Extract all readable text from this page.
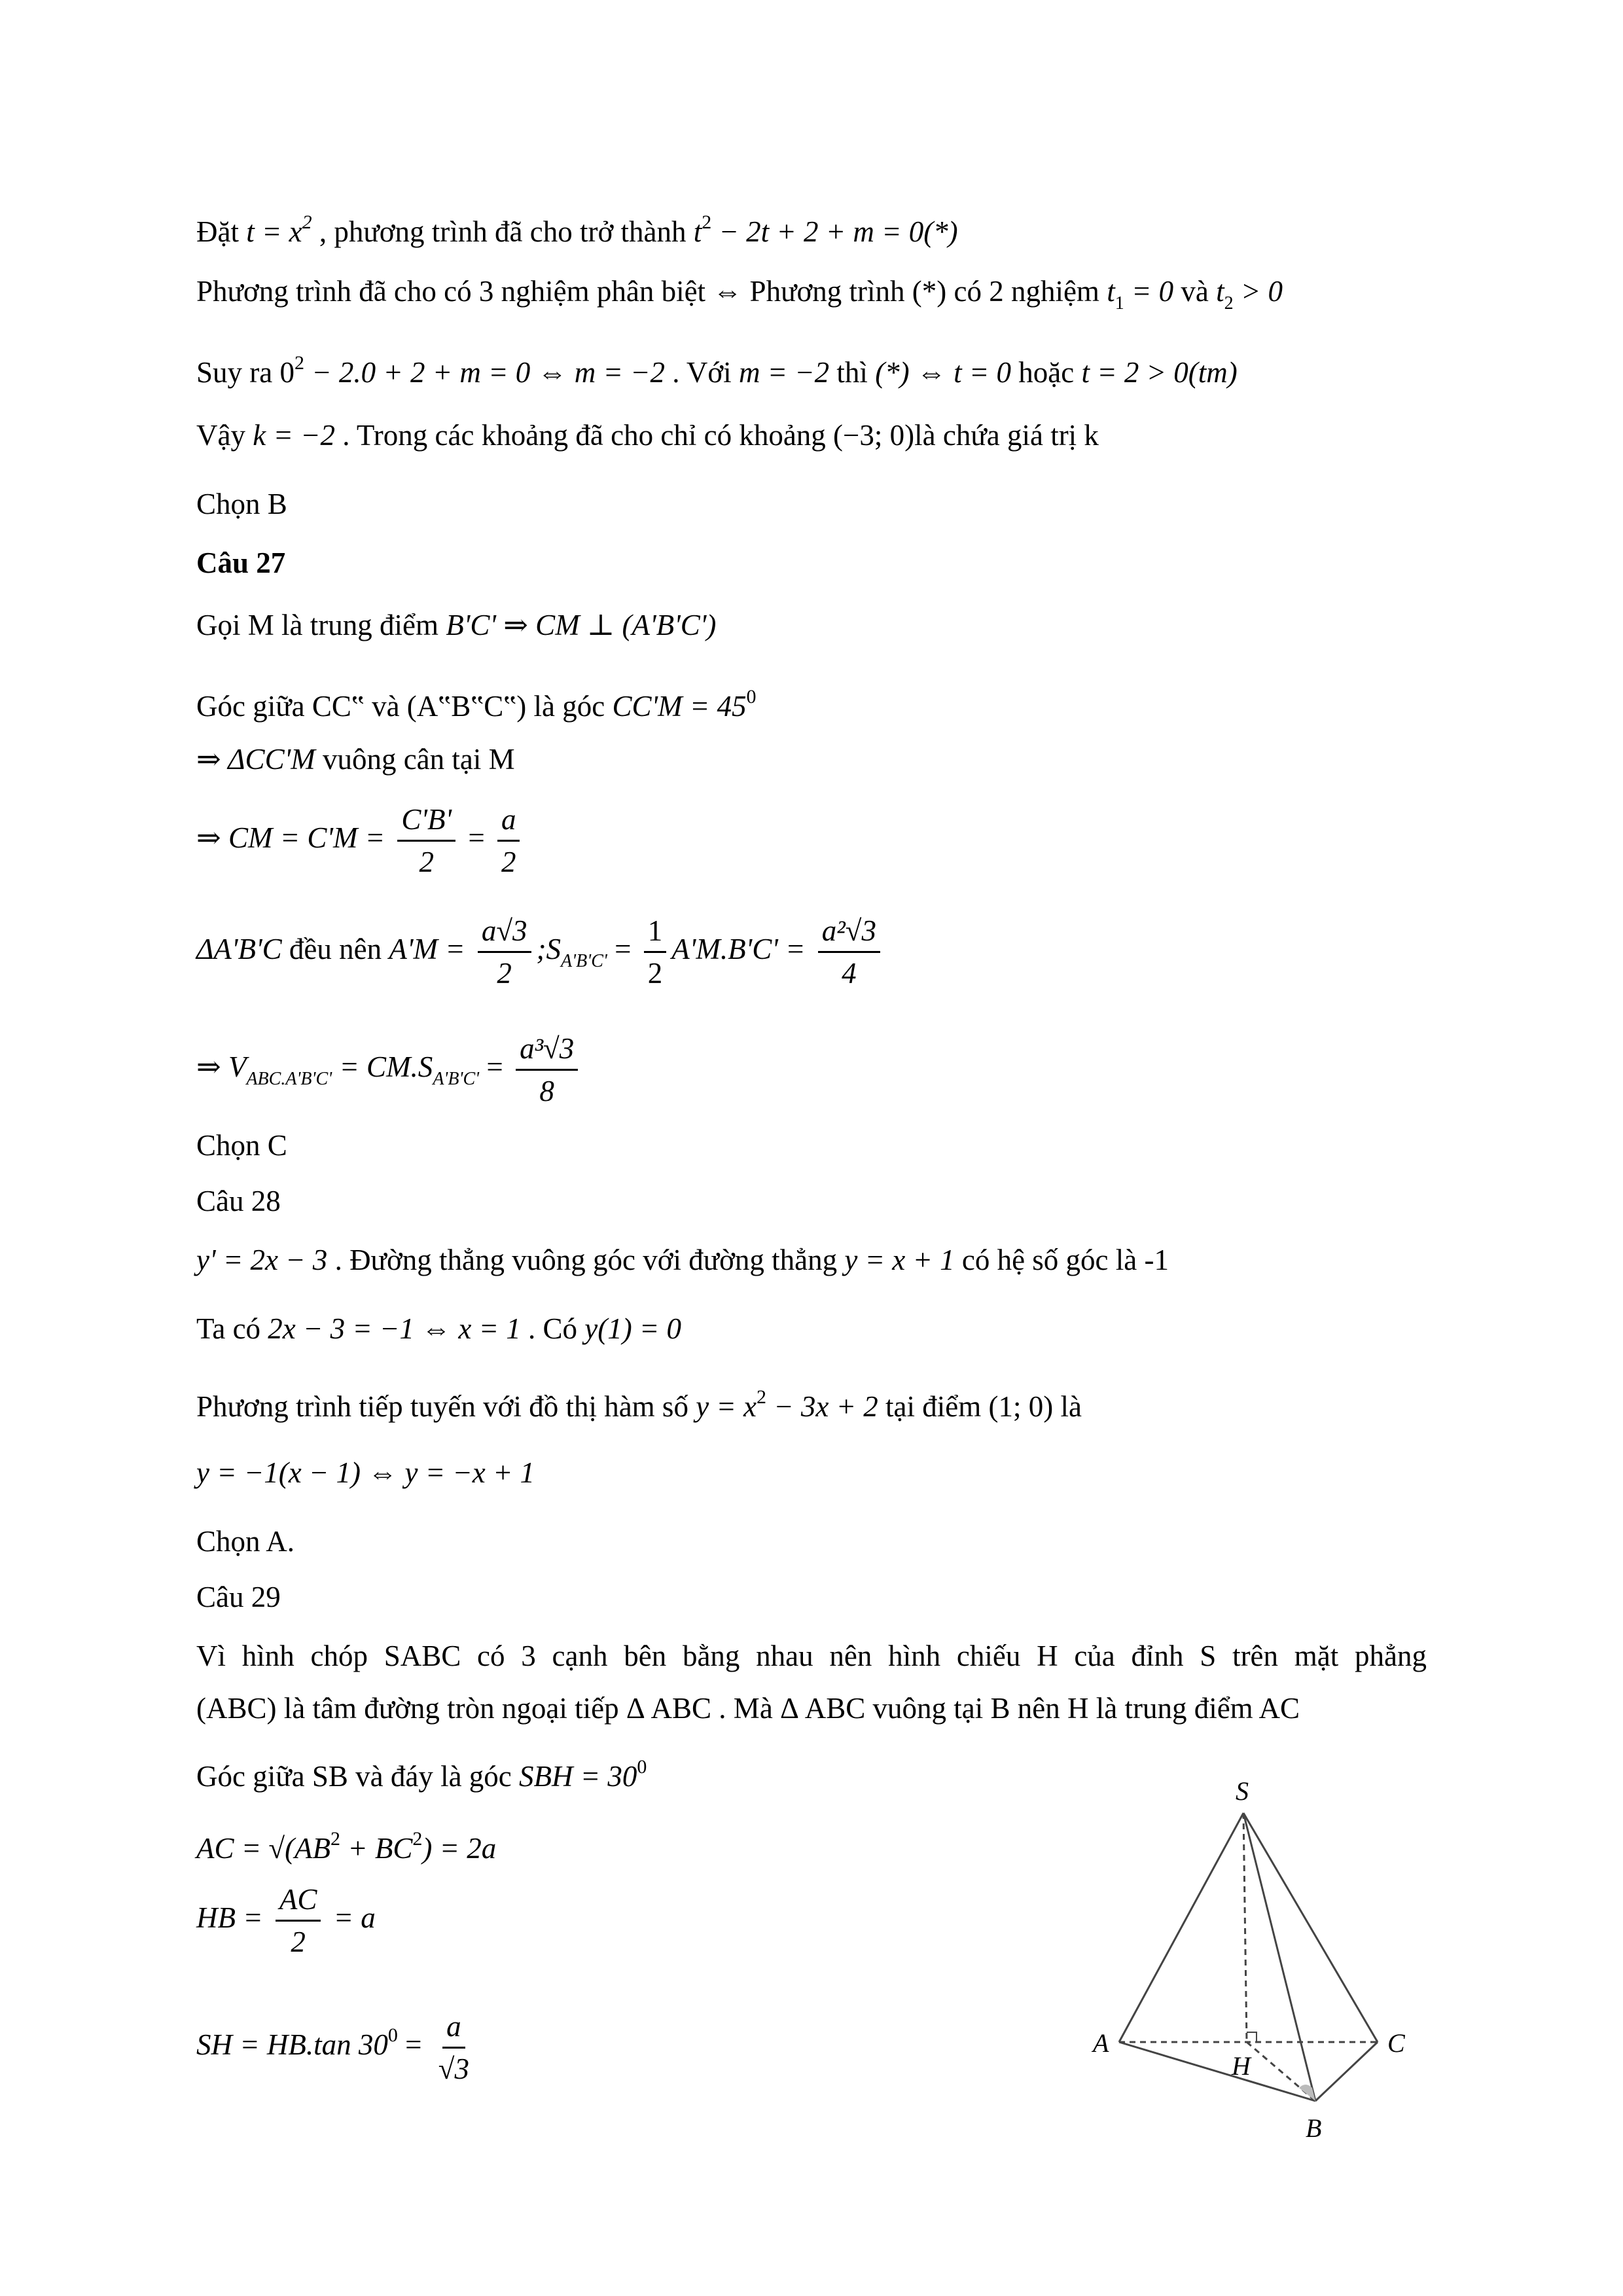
Đặt $t = x^2$ , phương trình đã cho trở thành $t^2 - 2t + 2 + m = 0(*)$
Phương trình đã cho có 3 nghiệm phân biệt ⇔ Phương trình (*) có 2 nghiệm $t_1 = 0$ và $t_2 > 0$
Suy ra $0^2 - 2.0 + 2 + m = 0$ ⇔ m = −2 . Với m = −2 thì (*) ⇔ t = 0 hoặc t = 2 > 0(tm)
Vậy k = −2 . Trong các khoảng đã cho chỉ có khoảng (−3; 0)là chứa giá trị k
Chọn B
Câu 27
Gọi M là trung điểm B'C' ⇒ CM ⊥ (A'B'C')
Góc giữa CC‟ và (A‟B‟C‟) là góc $CC'M = 45^0$
⇒ ΔCC'M vuông cân tại M
⇒ CM = $C'M = \frac{C'B'}{2} = \frac{a}{2}$
ΔA'B'C đều nên $A'M = \frac{a√3}{2}$ $;S_{A'B'C'} = \frac{1}{2} A'M.B'C' = \frac{\text{a²√3}}{4}$
⇒ $V_{ABC.A'B'C'} = CM.S_{A'B'C'} = \frac{\text{a³√3}}{8}$
Chọn C
Câu 28
y' = 2x − 3 . Đường thẳng vuông góc với đường thẳng y = x + 1 có hệ số góc là -1
Ta có 2x − 3 = −1 ⇔ x = 1 . Có y(1) = 0
Phương trình tiếp tuyến với đồ thị hàm số $y = x^2 - 3x + 2$ tại điểm (1; 0) là
y = −1(x − 1) ⇔ y = −x + 1
Chọn A.
Câu 29
Vì hình chóp SABC có 3 cạnh bên bằng nhau nên hình chiếu H của đỉnh S trên mặt phẳng
(ABC) là tâm đường tròn ngoại tiếp Δ ABC . Mà Δ ABC vuông tại B nên H là trung điểm AC
Góc giữa SB và đáy là góc SBH = $30^0$
AC = $√(AB^2 + BC^2) = 2a$
HB = $\frac{AC}{2} = a$
SH = HB.tan $30^0 = \frac{a}{√3}$
S
A	C
H
B
